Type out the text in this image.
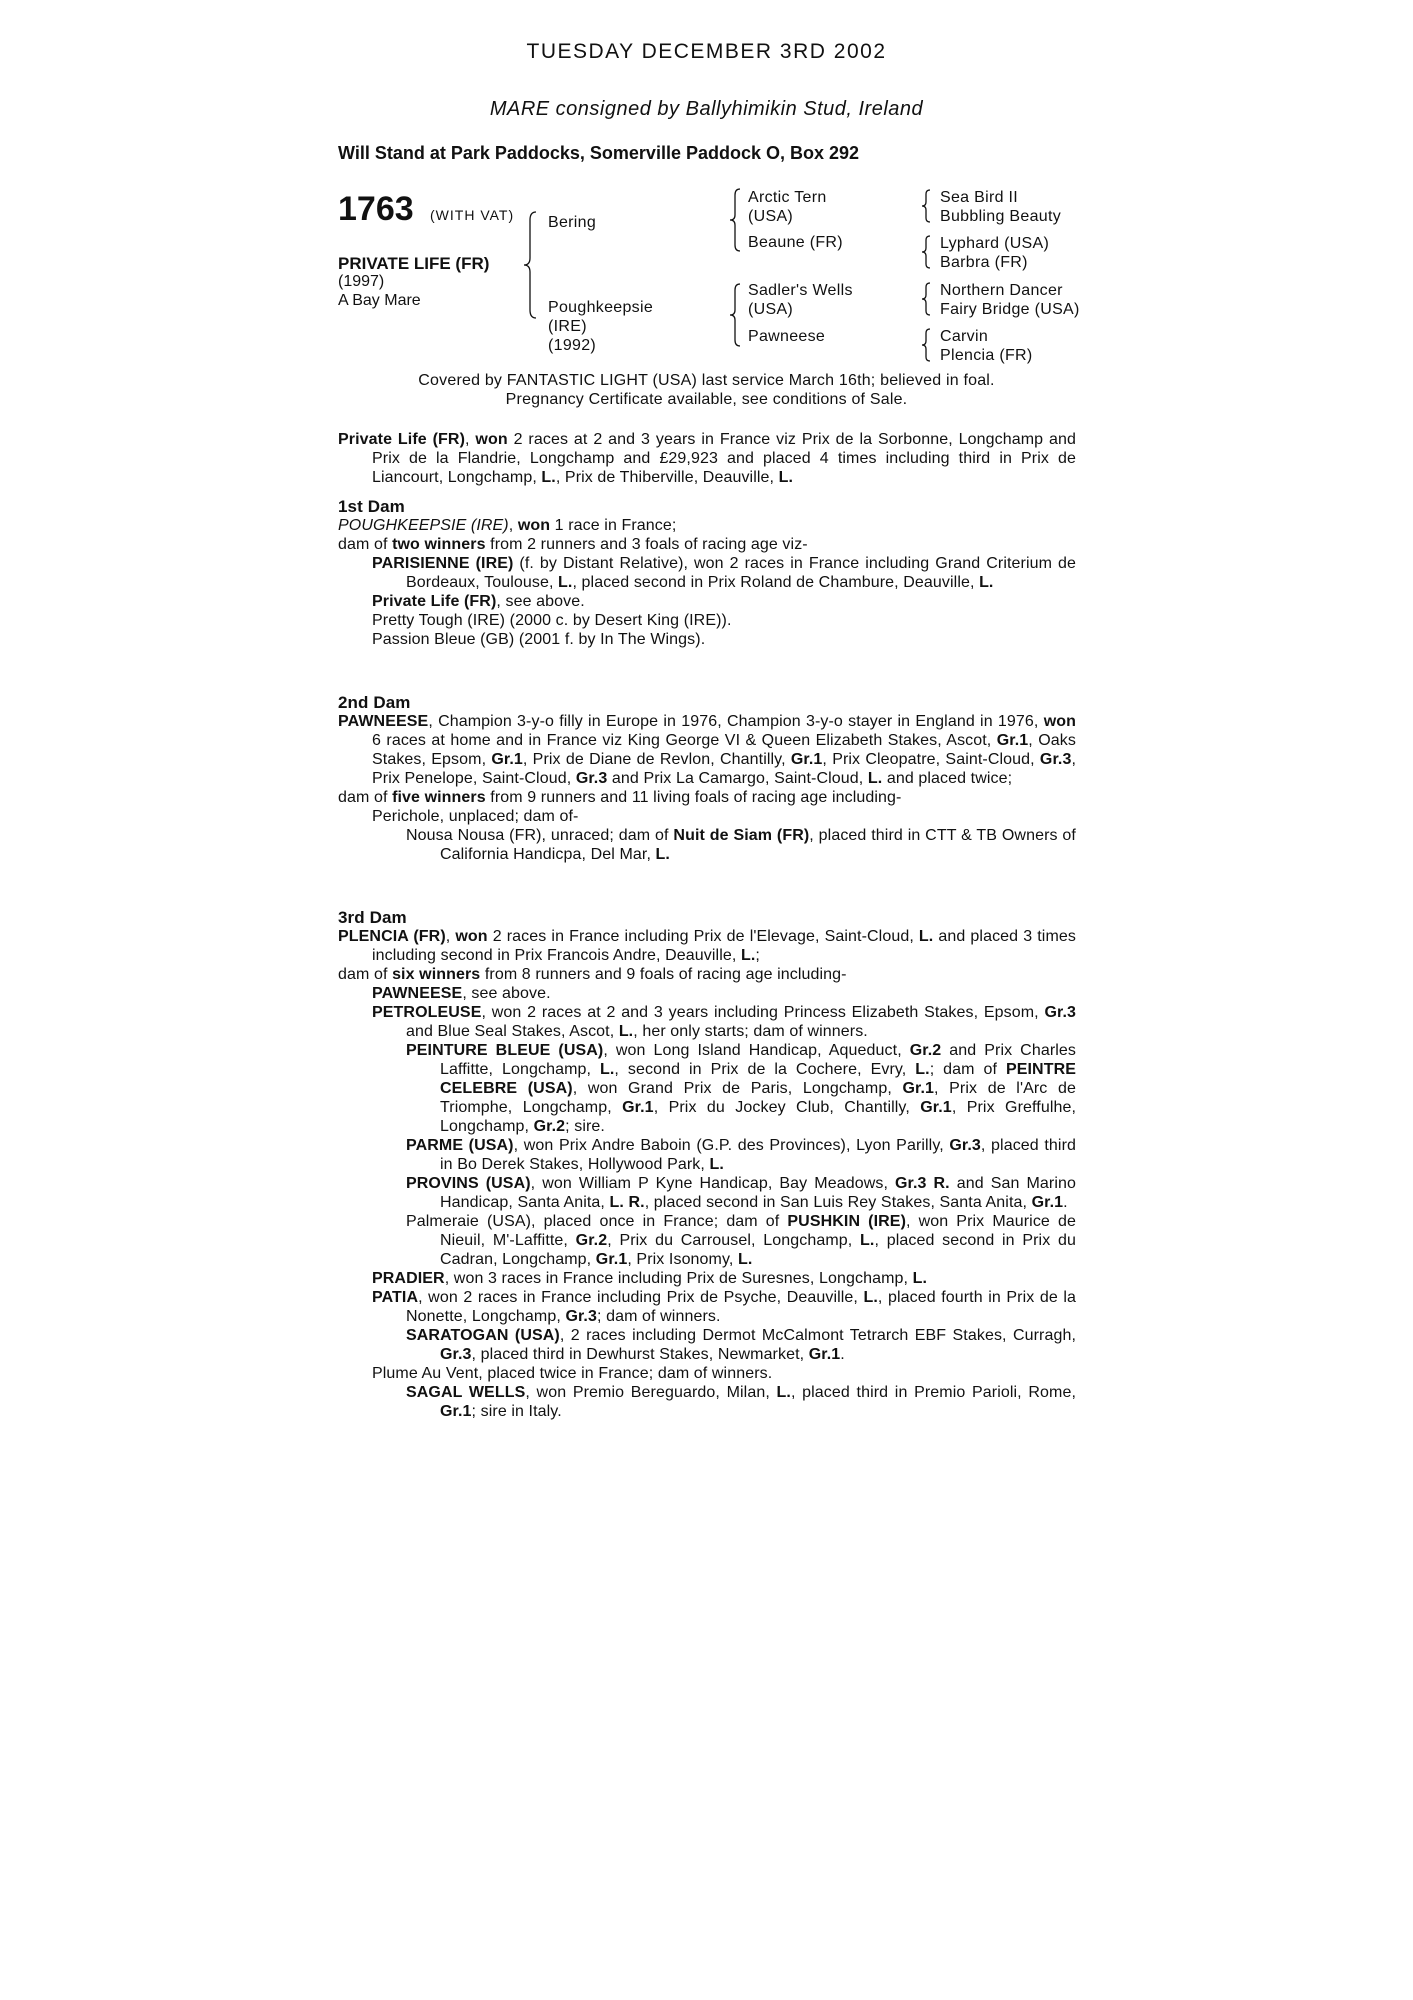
TUESDAY DECEMBER 3RD 2002
MARE consigned by Ballyhimikin Stud, Ireland
Will Stand at Park Paddocks, Somerville Paddock O, Box 292
1763 (WITH VAT)
PRIVATE LIFE (FR)
(1997)
A Bay Mare
Bering
Poughkeepsie
(IRE)
(1992)
Arctic Tern
(USA)
Beaune (FR)
Sadler's Wells
(USA)
Pawneese
Sea Bird II
Bubbling Beauty
Lyphard (USA)
Barbra (FR)
Northern Dancer
Fairy Bridge (USA)
Carvin
Plencia (FR)
Covered by FANTASTIC LIGHT (USA) last service March 16th; believed in foal.
Pregnancy Certificate available, see conditions of Sale.

Private Life (FR), won 2 races at 2 and 3 years in France viz Prix de la Sorbonne, Longchamp and Prix de la Flandrie, Longchamp and £29,923 and placed 4 times including third in Prix de Liancourt, Longchamp, L., Prix de Thiberville, Deauville, L.

1st Dam

POUGHKEEPSIE (IRE), won 1 race in France;

dam of two winners from 2 runners and 3 foals of racing age viz-

PARISIENNE (IRE) (f. by Distant Relative), won 2 races in France including Grand Criterium de Bordeaux, Toulouse, L., placed second in Prix Roland de Chambure, Deauville, L.

Private Life (FR), see above.

Pretty Tough (IRE) (2000 c. by Desert King (IRE)).

Passion Bleue (GB) (2001 f. by In The Wings).

2nd Dam

PAWNEESE, Champion 3-y-o filly in Europe in 1976, Champion 3-y-o stayer in England in 1976, won 6 races at home and in France viz King George VI & Queen Elizabeth Stakes, Ascot, Gr.1, Oaks Stakes, Epsom, Gr.1, Prix de Diane de Revlon, Chantilly, Gr.1, Prix Cleopatre, Saint-Cloud, Gr.3, Prix Penelope, Saint-Cloud, Gr.3 and Prix La Camargo, Saint-Cloud, L. and placed twice;

dam of five winners from 9 runners and 11 living foals of racing age including-

Perichole, unplaced; dam of-

Nousa Nousa (FR), unraced; dam of Nuit de Siam (FR), placed third in CTT & TB Owners of California Handicpa, Del Mar, L.

3rd Dam

PLENCIA (FR), won 2 races in France including Prix de l'Elevage, Saint-Cloud, L. and placed 3 times including second in Prix Francois Andre, Deauville, L.;

dam of six winners from 8 runners and 9 foals of racing age including-

PAWNEESE, see above.

PETROLEUSE, won 2 races at 2 and 3 years including Princess Elizabeth Stakes, Epsom, Gr.3 and Blue Seal Stakes, Ascot, L., her only starts; dam of winners.

PEINTURE BLEUE (USA), won Long Island Handicap, Aqueduct, Gr.2 and Prix Charles Laffitte, Longchamp, L., second in Prix de la Cochere, Evry, L.; dam of PEINTRE CELEBRE (USA), won Grand Prix de Paris, Longchamp, Gr.1, Prix de l'Arc de Triomphe, Longchamp, Gr.1, Prix du Jockey Club, Chantilly, Gr.1, Prix Greffulhe, Longchamp, Gr.2; sire.

PARME (USA), won Prix Andre Baboin (G.P. des Provinces), Lyon Parilly, Gr.3, placed third in Bo Derek Stakes, Hollywood Park, L.

PROVINS (USA), won William P Kyne Handicap, Bay Meadows, Gr.3 R. and San Marino Handicap, Santa Anita, L. R., placed second in San Luis Rey Stakes, Santa Anita, Gr.1.

Palmeraie (USA), placed once in France; dam of PUSHKIN (IRE), won Prix Maurice de Nieuil, M'-Laffitte, Gr.2, Prix du Carrousel, Longchamp, L., placed second in Prix du Cadran, Longchamp, Gr.1, Prix Isonomy, L.

PRADIER, won 3 races in France including Prix de Suresnes, Longchamp, L.

PATIA, won 2 races in France including Prix de Psyche, Deauville, L., placed fourth in Prix de la Nonette, Longchamp, Gr.3; dam of winners.

SARATOGAN (USA), 2 races including Dermot McCalmont Tetrarch EBF Stakes, Curragh, Gr.3, placed third in Dewhurst Stakes, Newmarket, Gr.1.

Plume Au Vent, placed twice in France; dam of winners.

SAGAL WELLS, won Premio Bereguardo, Milan, L., placed third in Premio Parioli, Rome, Gr.1; sire in Italy.
